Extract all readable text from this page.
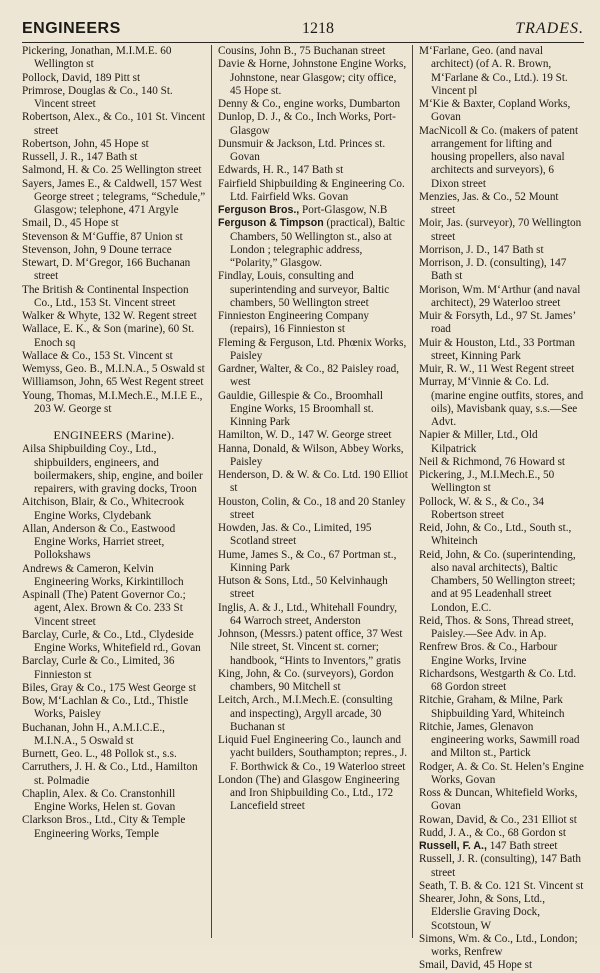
ENGINEERS	1218	TRADES.
Pickering, Jonathan, M.I.M.E. 60 Wellington st
Pollock, David, 189 Pitt st
Primrose, Douglas & Co., 140 St. Vincent street
Robertson, Alex., & Co., 101 St. Vincent street
Robertson, John, 45 Hope st
Russell, J. R., 147 Bath st
Salmond, H. & Co. 25 Wellington street
Sayers, James E., & Caldwell, 157 West George street ; telegrams, “Schedule,” Glasgow; telephone, 471 Argyle
Smail, D., 45 Hope st
Stevenson & M‘Guffie, 87 Union st
Stevenson, John, 9 Doune terrace
Stewart, D. M‘Gregor, 166 Buchanan street
The British & Continental Inspection Co., Ltd., 153 St. Vincent street
Walker & Whyte, 132 W. Regent street
Wallace, E. K., & Son (marine), 60 St. Enoch sq
Wallace & Co., 153 St. Vincent st
Wemyss, Geo. B., M.I.N.A., 5 Oswald st
Williamson, John, 65 West Regent street
Young, Thomas, M.I.Mech.E., M.I.E E., 203 W. George st
ENGINEERS (Marine).
Ailsa Shipbuilding Coy., Ltd., shipbuilders, engineers, and boilermakers, ship, engine, and boiler repairers, with graving docks, Troon
Aitchison, Blair, & Co., Whitecrook Engine Works, Clydebank
Allan, Anderson & Co., Eastwood Engine Works, Harriet street, Pollokshaws
Andrews & Cameron, Kelvin Engineering Works, Kirkintilloch
Aspinall (The) Patent Governor Co.; agent, Alex. Brown & Co. 233 St Vincent street
Barclay, Curle, & Co., Ltd., Clydeside Engine Works, Whitefield rd., Govan
Barclay, Curle & Co., Limited, 36 Finnieston st
Biles, Gray & Co., 175 West George st
Bow, M‘Lachlan & Co., Ltd., Thistle Works, Paisley
Buchanan, John H., A.M.I.C.E., M.I.N.A., 5 Oswald st
Burnett, Geo. L., 48 Pollok st., s.s.
Carruthers, J. H. & Co., Ltd., Hamilton st. Polmadie
Chaplin, Alex. & Co. Cranstonhill Engine Works, Helen st. Govan
Clarkson Bros., Ltd., City & Temple Engineering Works, Temple
Cousins, John B., 75 Buchanan street
Davie & Horne, Johnstone Engine Works, Johnstone, near Glasgow; city office, 45 Hope st.
Denny & Co., engine works, Dumbarton
Dunlop, D. J., & Co., Inch Works, Port-Glasgow
Dunsmuir & Jackson, Ltd. Princes st. Govan
Edwards, H. R., 147 Bath st
Fairfield Shipbuilding & Engineering Co. Ltd. Fairfield Wks. Govan
Ferguson Bros., Port-Glasgow, N.B
Ferguson & Timpson (practical), Baltic Chambers, 50 Wellington st., also at London ; telegraphic address, “Polarity,” Glasgow.
Findlay, Louis, consulting and superintending and surveyor, Baltic chambers, 50 Wellington street
Finnieston Engineering Company (repairs), 16 Finnieston st
Fleming & Ferguson, Ltd. Phœnix Works, Paisley
Gardner, Walter, & Co., 82 Paisley road, west
Gauldie, Gillespie & Co., Broomhall Engine Works, 15 Broomhall st. Kinning Park
Hamilton, W. D., 147 W. George street
Hanna, Donald, & Wilson, Abbey Works, Paisley
Henderson, D. & W. & Co. Ltd. 190 Elliot st
Houston, Colin, & Co., 18 and 20 Stanley street
Howden, Jas. & Co., Limited, 195 Scotland street
Hume, James S., & Co., 67 Portman st., Kinning Park
Hutson & Sons, Ltd., 50 Kelvinhaugh street
Inglis, A. & J., Ltd., Whitehall Foundry, 64 Warroch street, Anderston
Johnson, (Messrs.) patent office, 37 West Nile street, St. Vincent st. corner; handbook, “Hints to Inventors,” gratis
King, John, & Co. (surveyors), Gordon chambers, 90 Mitchell st
Leitch, Arch., M.I.Mech.E. (consulting and inspecting), Argyll arcade, 30 Buchanan st
Liquid Fuel Engineering Co., launch and yacht builders, Southampton; repres., J. F. Borthwick & Co., 19 Waterloo street
London (The) and Glasgow Engineering and Iron Shipbuilding Co., Ltd., 172 Lancefield street
M‘Farlane, Geo. (and naval architect) (of A. R. Brown, M‘Farlane & Co., Ltd.). 19 St. Vincent pl
M‘Kie & Baxter, Copland Works, Govan
MacNicoll & Co. (makers of patent arrangement for lifting and housing propellers, also naval architects and surveyors), 6 Dixon street
Menzies, Jas. & Co., 52 Mount street
Moir, Jas. (surveyor), 70 Wellington street
Morrison, J. D., 147 Bath st
Morrison, J. D. (consulting), 147 Bath st
Morison, Wm. M‘Arthur (and naval architect), 29 Waterloo street
Muir & Forsyth, Ld., 97 St. James’ road
Muir & Houston, Ltd., 33 Portman street, Kinning Park
Muir, R. W., 11 West Regent street
Murray, M‘Vinnie & Co. Ld. (marine engine outfits, stores, and oils), Mavisbank quay, s.s.—See Advt.
Napier & Miller, Ltd., Old Kilpatrick
Neil & Richmond, 76 Howard st
Pickering, J., M.I.Mech.E., 50 Wellington st
Pollock, W. & S., & Co., 34 Robertson street
Reid, John, & Co., Ltd., South st., Whiteinch
Reid, John, & Co. (superintending, also naval architects), Baltic Chambers, 50 Wellington street; and at 95 Leadenhall street London, E.C.
Reid, Thos. & Sons, Thread street, Paisley.—See Adv. in Ap.
Renfrew Bros. & Co., Harbour Engine Works, Irvine
Richardsons, Westgarth & Co. Ltd. 68 Gordon street
Ritchie, Graham, & Milne, Park Shipbuilding Yard, Whiteinch
Ritchie, James, Glenavon engineering works, Sawmill road and Milton st., Partick
Rodger, A. & Co. St. Helen’s Engine Works, Govan
Ross & Duncan, Whitefield Works, Govan
Rowan, David, & Co., 231 Elliot st
Rudd, J. A., & Co., 68 Gordon st
Russell, F. A., 147 Bath street
Russell, J. R. (consulting), 147 Bath street
Seath, T. B. & Co. 121 St. Vincent st
Shearer, John, & Sons, Ltd., Elderslie Graving Dock, Scotstoun, W
Simons, Wm. & Co., Ltd., London; works, Renfrew
Smail, David, 45 Hope st
